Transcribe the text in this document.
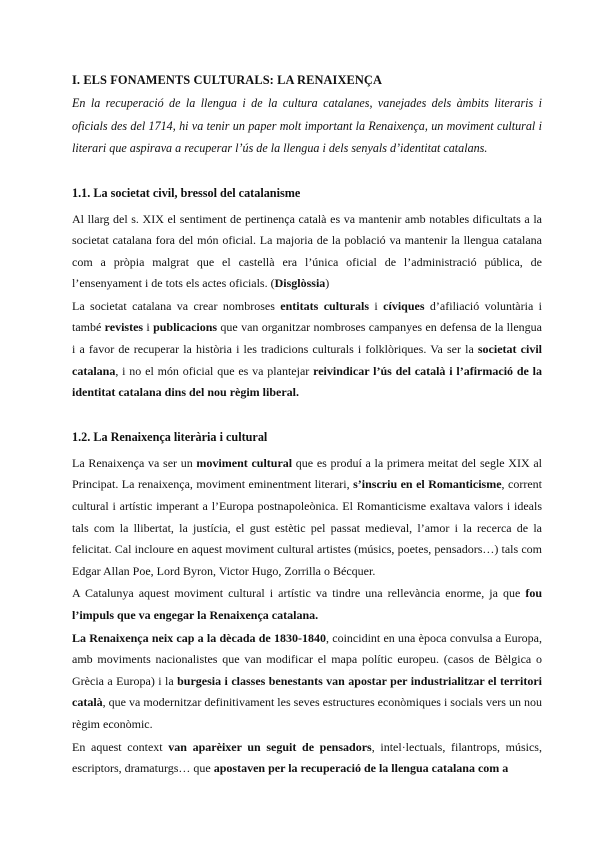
I. ELS FONAMENTS CULTURALS: LA RENAIXENÇA

En la recuperació de la llengua i de la cultura catalanes, vanejades dels àmbits literaris i oficials des del 1714, hi va tenir un paper molt important la Renaixença, un moviment cultural i literari que aspirava a recuperar l’ús de la llengua i dels senyals d’identitat catalans.

1.1. La societat civil, bressol del catalanisme

Al llarg del s. XIX el sentiment de pertinença català es va mantenir amb notables dificultats a la societat catalana fora del món oficial. La majoria de la població va mantenir la llengua catalana com a pròpia malgrat que el castellà era l’única oficial de l’administració pública, de l’ensenyament i de tots els actes oficials. (Disglòssia)

La societat catalana va crear nombroses entitats culturals i cíviques d’afiliació voluntària i també revistes i publicacions que van organitzar nombroses campanyes en defensa de la llengua i a favor de recuperar la història i les tradicions culturals i folklòriques. Va ser la societat civil catalana, i no el món oficial que es va plantejar reivindicar l’ús del català i l’afirmació de la identitat catalana dins del nou règim liberal.

1.2. La Renaixença literària i cultural

La Renaixença va ser un moviment cultural que es produí a la primera meitat del segle XIX al Principat. La renaixença, moviment eminentment literari, s’inscriu en el Romanticisme, corrent cultural i artístic imperant a l’Europa postnapoleònica. El Romanticisme exaltava valors i ideals tals com la llibertat, la justícia, el gust estètic pel passat medieval, l’amor i la recerca de la felicitat. Cal incloure en aquest moviment cultural artistes (músics, poetes, pensadors…) tals com Edgar Allan Poe, Lord Byron, Victor Hugo, Zorrilla o Bécquer.

A Catalunya aquest moviment cultural i artístic va tindre una rellevància enorme, ja que fou l’impuls que va engegar la Renaixença catalana.

La Renaixença neix cap a la dècada de 1830-1840, coincidint en una època convulsa a Europa, amb moviments nacionalistes que van modificar el mapa polític europeu. (casos de Bèlgica o Grècia a Europa) i la burgesia i classes benestants van apostar per industrialitzar el territori català, que va modernitzar definitivament les seves estructures econòmiques i socials vers un nou règim econòmic.

En aquest context van aparèixer un seguit de pensadors, intel·lectuals, filantrops, músics, escriptors, dramaturgs… que apostaven per la recuperació de la llengua catalana com a
